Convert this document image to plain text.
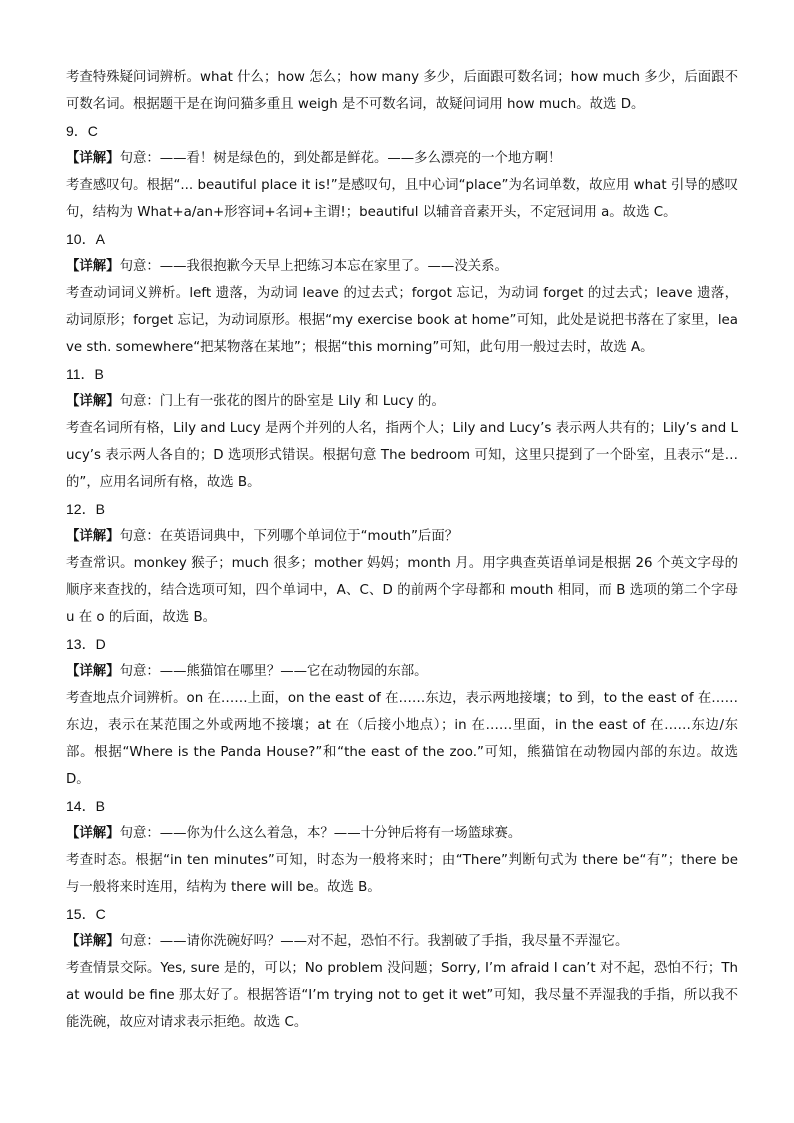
考查特殊疑问词辨析。what 什么；how 怎么；how many 多少，后面跟可数名词；how much 多少，后面跟不可数名词。根据题干是在询问猫多重且 weigh 是不可数名词，故疑问词用 how much。故选 D。

9．C

【详解】句意：——看！树是绿色的，到处都是鲜花。——多么漂亮的一个地方啊！

考查感叹句。根据“... beautiful place it is!”是感叹句，且中心词“place”为名词单数，故应用 what 引导的感叹句，结构为 What+a/an+形容词+名词+主谓!；beautiful 以辅音音素开头，不定冠词用 a。故选 C。

10．A

【详解】句意：——我很抱歉今天早上把练习本忘在家里了。——没关系。

考查动词词义辨析。left 遗落，为动词 leave 的过去式；forgot 忘记，为动词 forget 的过去式；leave 遗落，动词原形；forget 忘记，为动词原形。根据“my exercise book at home”可知，此处是说把书落在了家里，leave sth. somewhere“把某物落在某地”；根据“this morning”可知，此句用一般过去时，故选 A。

11．B

【详解】句意：门上有一张花的图片的卧室是 Lily 和 Lucy 的。

考查名词所有格，Lily and Lucy 是两个并列的人名，指两个人；Lily and Lucy’s 表示两人共有的；Lily’s and Lucy’s 表示两人各自的；D 选项形式错误。根据句意 The bedroom 可知，这里只提到了一个卧室，且表示“是…的”，应用名词所有格，故选 B。

12．B

【详解】句意：在英语词典中，下列哪个单词位于“mouth”后面？

考查常识。monkey 猴子；much 很多；mother 妈妈；month 月。用字典查英语单词是根据 26 个英文字母的顺序来查找的，结合选项可知，四个单词中，A、C、D 的前两个字母都和 mouth 相同，而 B 选项的第二个字母 u 在 o 的后面，故选 B。

13．D

【详解】句意：——熊猫馆在哪里？——它在动物园的东部。

考查地点介词辨析。on 在……上面，on the east of 在……东边，表示两地接壤；to 到，to the east of 在……东边，表示在某范围之外或两地不接壤；at 在（后接小地点）；in 在……里面，in the east of 在……东边/东部。根据“Where is the Panda House?”和“the east of the zoo.”可知，熊猫馆在动物园内部的东边。故选 D。

14．B

【详解】句意：——你为什么这么着急，本？——十分钟后将有一场篮球赛。

考查时态。根据“in ten minutes”可知，时态为一般将来时；由“There”判断句式为 there be“有”；there be 与一般将来时连用，结构为 there will be。故选 B。

15．C

【详解】句意：——请你洗碗好吗？——对不起，恐怕不行。我割破了手指，我尽量不弄湿它。

考查情景交际。Yes, sure 是的，可以；No problem 没问题；Sorry, I’m afraid I can’t 对不起，恐怕不行；That would be fine 那太好了。根据答语“I’m trying not to get it wet”可知，我尽量不弄湿我的手指，所以我不能洗碗，故应对请求表示拒绝。故选 C。
